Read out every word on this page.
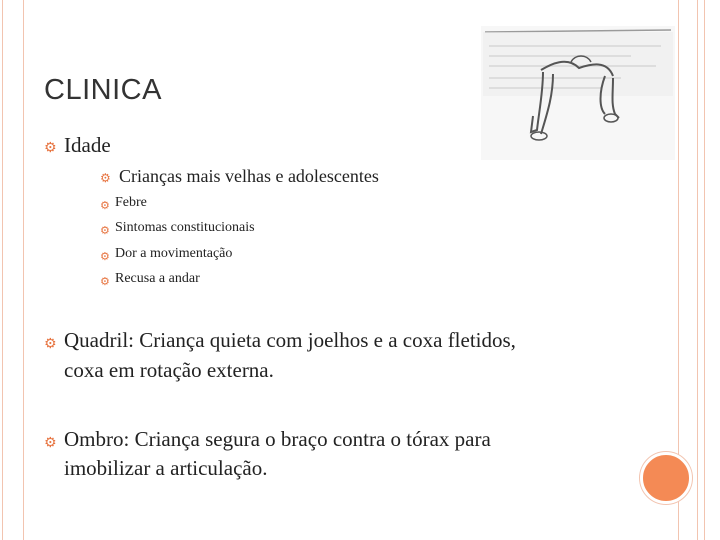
CLINICA
⚙ Idade
⚙ Crianças mais velhas e adolescentes
⚙ Febre
⚙ Sintomas constitucionais
⚙ Dor a movimentação
⚙ Recusa a andar
⚙ Quadril: Criança quieta com joelhos e a coxa fletidos,
coxa em rotação externa.
⚙ Ombro: Criança segura o braço contra o tórax para
imobilizar a articulação.
